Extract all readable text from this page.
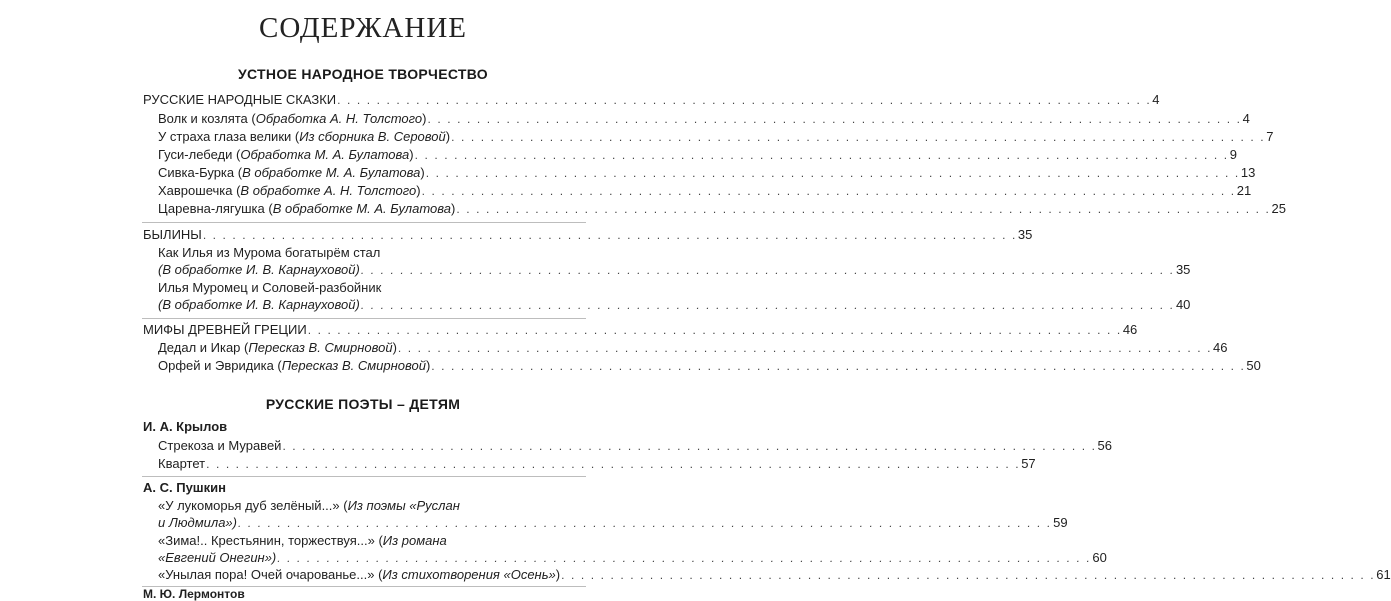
СОДЕРЖАНИЕ
УСТНОЕ НАРОДНОЕ ТВОРЧЕСТВО
РУССКИЕ НАРОДНЫЕ СКАЗКИ . . . . . . . . . . . . . . . . . . . . . . . . . . . . . . . . . . . . . . . . . . . . . . . . . . . . . . . . . . . . . . . . . . . . . . . . . . . . . . . . . . . 4
Волк и козлята (Обработка А. Н. Толстого) . . . . . . . . . . . . . . . . . . . . . . . . . . . . . . . . . . . . . . . . . . . . . . . . . . . . . . . . . . . . . . . . . . . . . . . . . . . . . . . . . . . 4
У страха глаза велики (Из сборника В. Серовой) . . . . . . . . . . . . . . . . . . . . . . . . . . . . . . . . . . . . . . . . . . . . . . . . . . . . . . . . . . . . . . . . . . . . . . . . . . . . . . . . . . . 7
Гуси-лебеди (Обработка М. А. Булатова) . . . . . . . . . . . . . . . . . . . . . . . . . . . . . . . . . . . . . . . . . . . . . . . . . . . . . . . . . . . . . . . . . . . . . . . . . . . . . . . . . . . 9
Сивка-Бурка (В обработке М. А. Булатова) . . . . . . . . . . . . . . . . . . . . . . . . . . . . . . . . . . . . . . . . . . . . . . . . . . . . . . . . . . . . . . . . . . . . . . . . . . . . . . . . . . . 13
Хаврошечка (В обработке А. Н. Толстого) . . . . . . . . . . . . . . . . . . . . . . . . . . . . . . . . . . . . . . . . . . . . . . . . . . . . . . . . . . . . . . . . . . . . . . . . . . . . . . . . . . . 21
Царевна-лягушка (В обработке М. А. Булатова) . . . . . . . . . . . . . . . . . . . . . . . . . . . . . . . . . . . . . . . . . . . . . . . . . . . . . . . . . . . . . . . . . . . . . . . . . . . . . . . . . . . 25
БЫЛИНЫ . . . . . . . . . . . . . . . . . . . . . . . . . . . . . . . . . . . . . . . . . . . . . . . . . . . . . . . . . . . . . . . . . . . . . . . . . . . . . . . . . . . 35
Как Илья из Мурома богатырём стал
(В обработке И. В. Карнауховой) . . . . . . . . . . . . . . . . . . . . . . . . . . . . . . . . . . . . . . . . . . . . . . . . . . . . . . . . . . . . . . . . . . . . . . . . . . . . . . . . . . . 35
Илья Муромец и Соловей-разбойник
(В обработке И. В. Карнауховой) . . . . . . . . . . . . . . . . . . . . . . . . . . . . . . . . . . . . . . . . . . . . . . . . . . . . . . . . . . . . . . . . . . . . . . . . . . . . . . . . . . . 40
МИФЫ ДРЕВНЕЙ ГРЕЦИИ . . . . . . . . . . . . . . . . . . . . . . . . . . . . . . . . . . . . . . . . . . . . . . . . . . . . . . . . . . . . . . . . . . . . . . . . . . . . . . . . . . . 46
Дедал и Икар (Пересказ В. Смирновой) . . . . . . . . . . . . . . . . . . . . . . . . . . . . . . . . . . . . . . . . . . . . . . . . . . . . . . . . . . . . . . . . . . . . . . . . . . . . . . . . . . . 46
Орфей и Эвридика (Пересказ В. Смирновой) . . . . . . . . . . . . . . . . . . . . . . . . . . . . . . . . . . . . . . . . . . . . . . . . . . . . . . . . . . . . . . . . . . . . . . . . . . . . . . . . . . . 50
РУССКИЕ ПОЭТЫ – ДЕТЯМ
И. А. Крылов
Стрекоза и Муравей . . . . . . . . . . . . . . . . . . . . . . . . . . . . . . . . . . . . . . . . . . . . . . . . . . . . . . . . . . . . . . . . . . . . . . . . . . . . . . . . . . . 56
Квартет . . . . . . . . . . . . . . . . . . . . . . . . . . . . . . . . . . . . . . . . . . . . . . . . . . . . . . . . . . . . . . . . . . . . . . . . . . . . . . . . . . . 57
А. С. Пушкин
«У лукоморья дуб зелёный...» (Из поэмы «Руслан
и Людмила») . . . . . . . . . . . . . . . . . . . . . . . . . . . . . . . . . . . . . . . . . . . . . . . . . . . . . . . . . . . . . . . . . . . . . . . . . . . . . . . . . . . 59
«Зима!.. Крестьянин, торжествуя...» (Из романа
«Евгений Онегин») . . . . . . . . . . . . . . . . . . . . . . . . . . . . . . . . . . . . . . . . . . . . . . . . . . . . . . . . . . . . . . . . . . . . . . . . . . . . . . . . . . . 60
«Унылая пора! Очей очарованье...» (Из стихотворения «Осень») . . . . . . . . . . . . . . . . . . . . . . . . . . . . . . . . . . . . . . . . . . . . . . . . . . . . . . . . . . . . . . . . . . . . . . . . . . . . . . . . . . . 61
М. Ю. Лермонтов
